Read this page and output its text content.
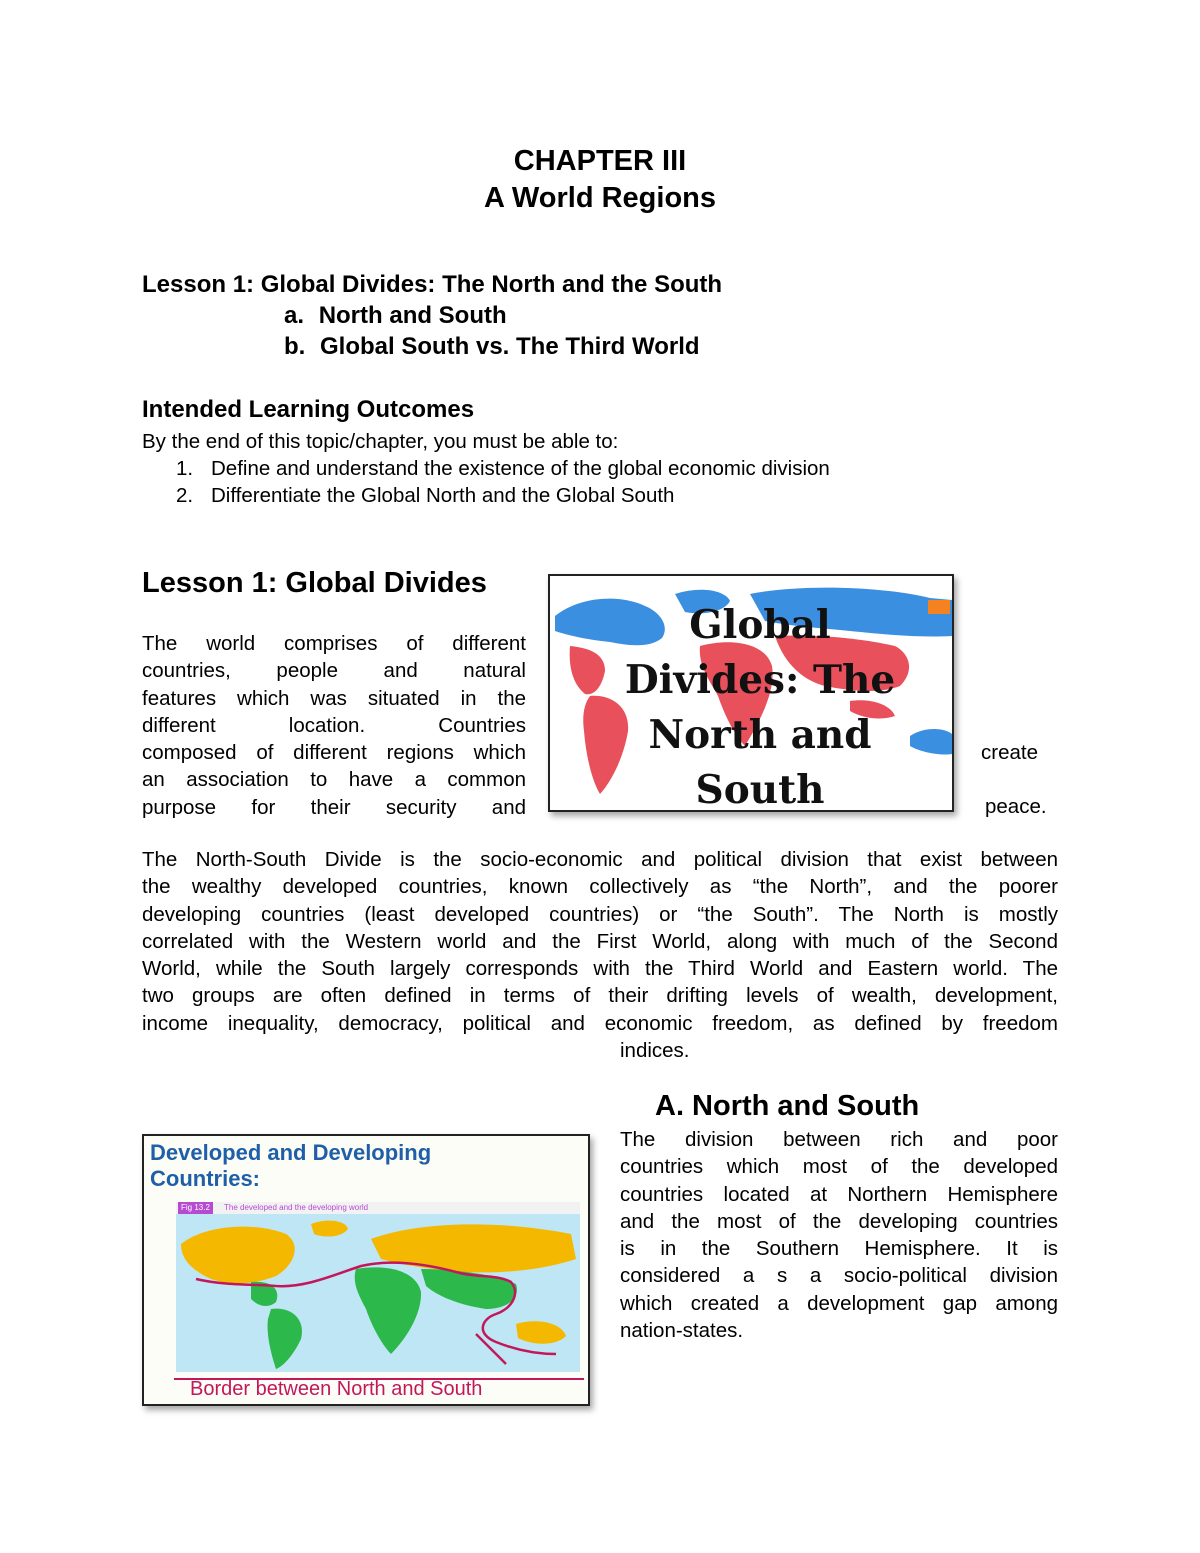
CHAPTER III
A World Regions
Lesson 1: Global Divides: The North and the South
a. North and South
b. Global South vs. The Third World
Intended Learning Outcomes
By the end of this topic/chapter, you must be able to:
1. Define and understand the existence of the global economic division
2. Differentiate the Global North and the Global South
Lesson 1: Global Divides
The world comprises of different
countries, people and natural
features which was situated in the
different location. Countries
composed of different regions which
an association to have a common
purpose for their security and
create
peace.
Global
Divides: The
North and
South
The North-South Divide is the socio-economic and political division that exist between
the wealthy developed countries, known collectively as “the North”, and the poorer
developing countries (least developed countries) or “the South”. The North is mostly
correlated with the Western world and the First World, along with much of the Second
World, while the South largely corresponds with the Third World and Eastern world. The
two groups are often defined in terms of their drifting levels of wealth, development,
income inequality, democracy, political and economic freedom, as defined by freedom
indices.
A. North and South
The division between rich and poor
countries which most of the developed
countries located at Northern Hemisphere
and the most of the developing countries
is in the Southern Hemisphere. It is
considered a s a socio-political division
which created a development gap among
nation-states.
Developed and Developing
Countries:
Fig 13.2	The developed and the developing world
Border between North and South
